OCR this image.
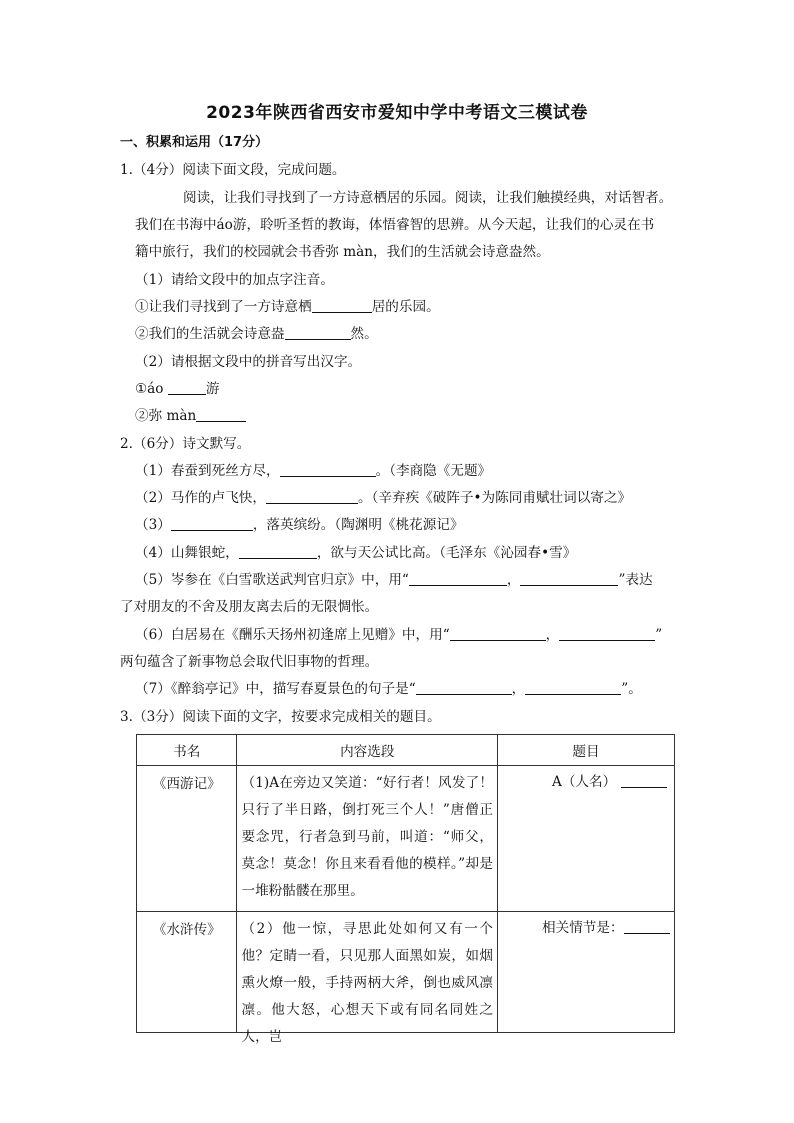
2023年陕西省西安市爱知中学中考语文三模试卷
一、积累和运用（17分）
1.（4分）阅读下面文段，完成问题。
阅读，让我们寻找到了一方诗意栖居的乐园。阅读，让我们触摸经典，对话智者。
我们在书海中áo游，聆听圣哲的教诲，体悟睿智的思辨。从今天起，让我们的心灵在书
籍中旅行，我们的校园就会书香弥 màn，我们的生活就会诗意盎然。
（1）请给文段中的加点字注音。
①让我们寻找到了一方诗意栖	居的乐园。
②我们的生活就会诗意盎	然。
（2）请根据文段中的拼音写出汉字。
①áo	游
②弥 màn
2.（6分）诗文默写。
（1）春蚕到死丝方尽，	。（李商隐《无题》
（2）马作的卢飞快，	。（辛弃疾《破阵子•为陈同甫赋壮词以寄之》
（3）	，落英缤纷。（陶渊明《桃花源记》
（4）山舞银蛇，	，欲与天公试比高。（毛泽东《沁园春•雪》
（5）岑参在《白雪歌送武判官归京》中，用“	，	”表达
了对朋友的不舍及朋友离去后的无限惆怅。
（6）白居易在《酬乐天扬州初逢席上见赠》中，用“	，	”
两句蕴含了新事物总会取代旧事物的哲理。
（7）《醉翁亭记》中，描写春夏景色的句子是“	，	”。
3.（3分）阅读下面的文字，按要求完成相关的题目。
书名	内容选段	题目

《西游记》	（1)A在旁边又笑道：“好行者！风发了！只行了半日路，倒打死三个人！”唐僧正要念咒，行者急到马前，叫道：“师父，莫念！莫念！你且来看看他的模样。”却是一堆粉骷髅在那里。	A（人名）

《水浒传》	（2）他一惊，寻思此处如何又有一个他？定睛一看，只见那人面黑如炭，如烟熏火燎一般，手持两柄大斧，倒也威风凛凛。他大怒，心想天下或有同名同姓之人，岂	相关情节是：
